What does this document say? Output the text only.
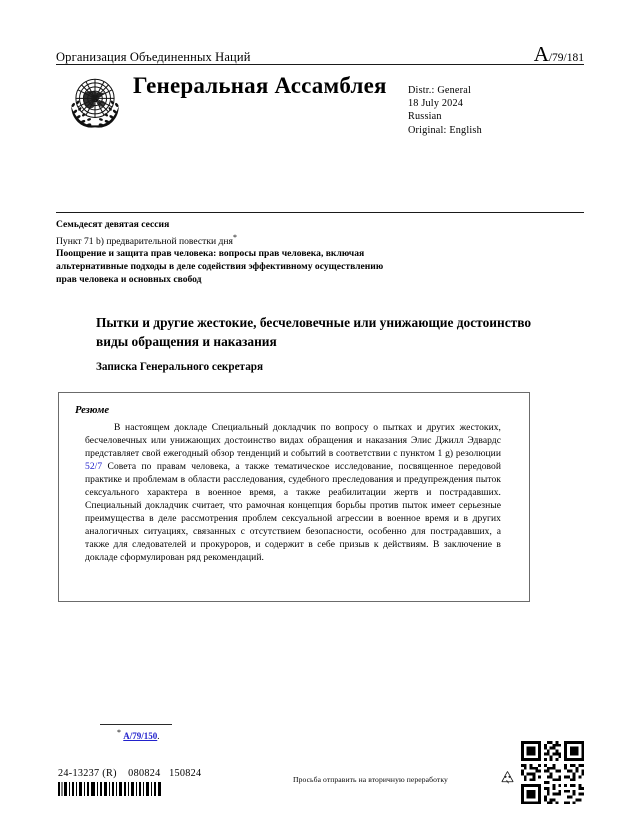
Организация Объединенных Наций	A/79/181
Генеральная Ассамблея Distr.: General
18 July 2024
Russian
Original: English
Семьдесят девятая сессия
Пункт 71 b) предварительной повестки дня*
Поощрение и защита прав человека: вопросы прав человека, включая альтернативные подходы в деле содействия эффективному осуществлению прав человека и основных свобод
Пытки и другие жестокие, бесчеловечные или унижающие достоинство виды обращения и наказания
Записка Генерального секретаря
Резюме
В настоящем докладе Специальный докладчик по вопросу о пытках и других жестоких, бесчеловечных или унижающих достоинство видах обращения и наказания Элис Джилл Эдвардс представляет свой ежегодный обзор тенденций и событий в соответствии с пунктом 1 g) резолюции 52/7 Совета по правам человека, а также тематическое исследование, посвященное передовой практике и проблемам в области расследования, судебного преследования и предупреждения пыток сексуального характера в военное время, а также реабилитации жертв и пострадавших. Специальный докладчик считает, что рамочная концепция борьбы против пыток имеет серьезные преимущества в деле рассмотрения проблем сексуальной агрессии в военное время и в других аналогичных ситуациях, связанных с отсутствием безопасности, особенно для пострадавших, а также для следователей и прокуроров, и содержит в себе призыв к действиям. В заключение в докладе сформулирован ряд рекомендаций.
* A/79/150.
24-13237 (R) 080824 150824
Просьба отправить на вторичную переработку
